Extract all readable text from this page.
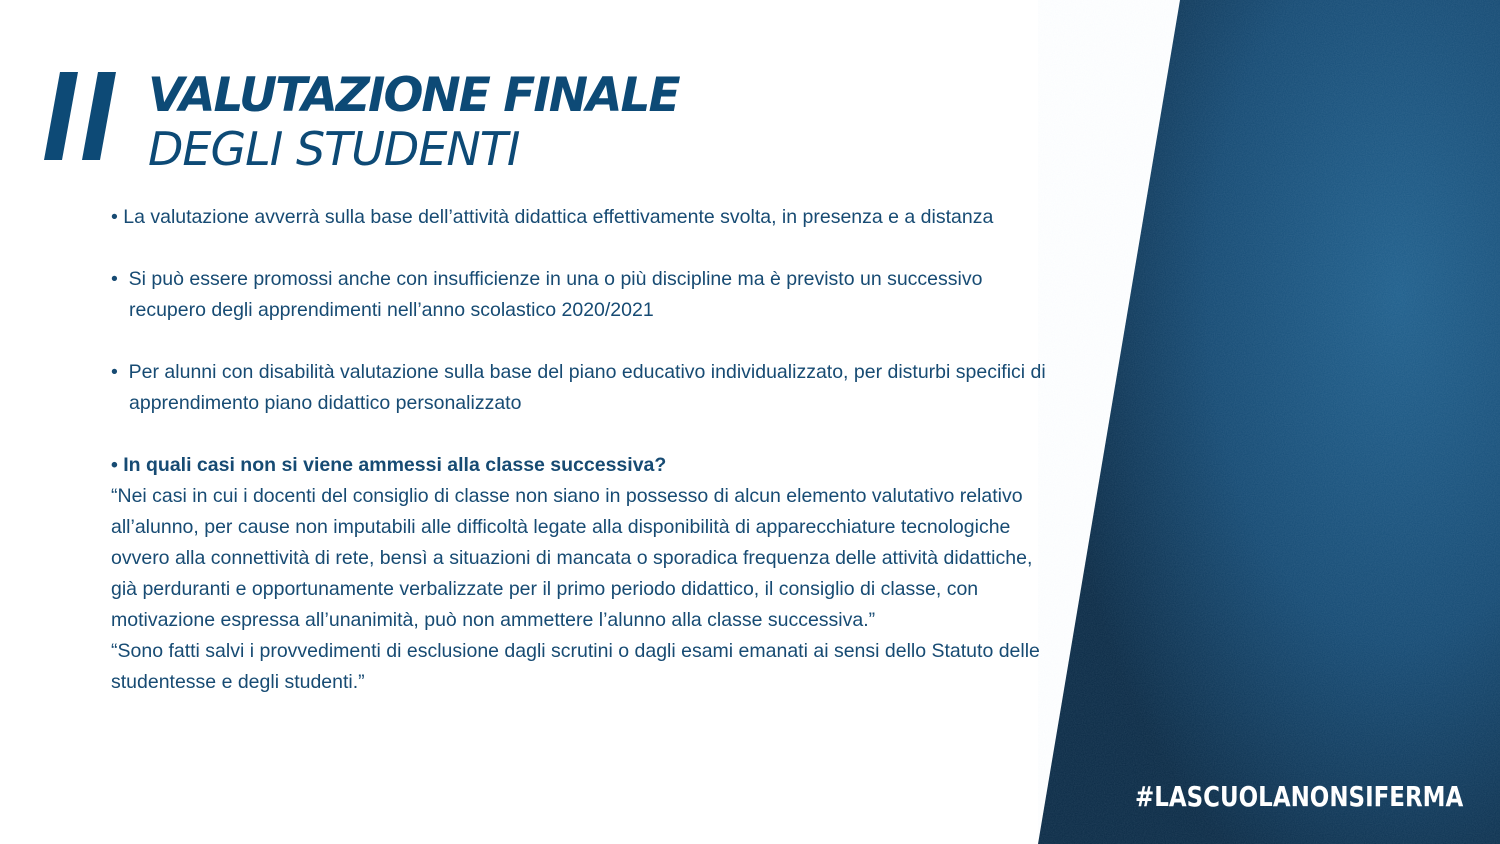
VALUTAZIONE FINALE
DEGLI STUDENTI

• La valutazione avverrà sulla base dell’attività didattica effettivamente svolta, in presenza e a distanza

• Si può essere promossi anche con insufficienze in una o più discipline ma è previsto un successivo recupero degli apprendimenti nell’anno scolastico 2020/2021

• Per alunni con disabilità valutazione sulla base del piano educativo individualizzato, per disturbi specifici di apprendimento piano didattico personalizzato

• In quali casi non si viene ammessi alla classe successiva?

“Nei casi in cui i docenti del consiglio di classe non siano in possesso di alcun elemento valutativo relativo all’alunno, per cause non imputabili alle difficoltà legate alla disponibilità di apparecchiature tecnologiche ovvero alla connettività di rete, bensì a situazioni di mancata o sporadica frequenza delle attività didattiche, già perduranti e opportunamente verbalizzate per il primo periodo didattico, il consiglio di classe, con motivazione espressa all’unanimità, può non ammettere l’alunno alla classe successiva.”

“Sono fatti salvi i provvedimenti di esclusione dagli scrutini o dagli esami emanati ai sensi dello Statuto delle studentesse e degli studenti.”

#LASCUOLANONSIFERMA
